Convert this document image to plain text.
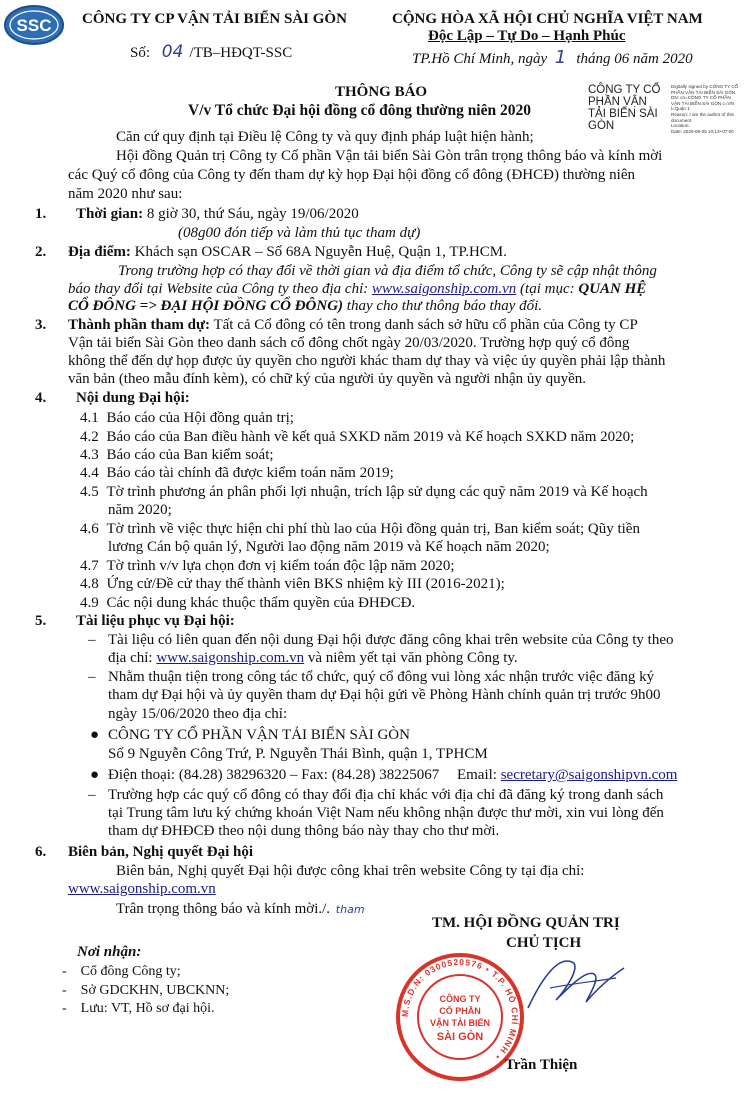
SSC CÔNG TY CP VẬN TẢI BIỂN SÀI GÒN
Số: 04 /TB–HĐQT-SSC
CỘNG HÒA XÃ HỘI CHỦ NGHĨA VIỆT NAM
Độc Lập – Tự Do – Hạnh Phúc
TP.Hồ Chí Minh, ngày 1 tháng 06 năm 2020
THÔNG BÁO
V/v Tổ chức Đại hội đồng cổ đông thường niên 2020
CÔNG TY CỔ
PHẦN VẬN
TẢI BIỂN SÀI
GÒN
Digitally signed by CÔNG TY CỔ
PHẦN VẬN TẢI BIỂN SÀI GÒN
DN: cn=CÔNG TY CỔ PHẦN
VẬN TẢI BIỂN SÀI GÒN c=VN
l=Quận 1
Reason: I am the author of this
document
Location:
Date: 2020-06-05 10:13+07:00
Căn cứ quy định tại Điều lệ Công ty và quy định pháp luật hiện hành;
Hội đồng Quản trị Công ty Cổ phần Vận tải biển Sài Gòn trân trọng thông báo và kính mời
các Quý cổ đông của Công ty đến tham dự kỳ họp Đại hội đồng cổ đông (ĐHCĐ) thường niên
năm 2020 như sau:
1. Thời gian: 8 giờ 30, thứ Sáu, ngày 19/06/2020
(08g00 đón tiếp và làm thủ tục tham dự)
2. Địa điểm: Khách sạn OSCAR – Số 68A Nguyễn Huệ, Quận 1, TP.HCM.
Trong trường hợp có thay đổi về thời gian và địa điểm tổ chức, Công ty sẽ cập nhật thông
báo thay đổi tại Website của Công ty theo địa chỉ: www.saigonship.com.vn (tại mục: QUAN HỆ
CỔ ĐÔNG => ĐẠI HỘI ĐỒNG CỔ ĐÔNG) thay cho thư thông báo thay đổi.
3. Thành phần tham dự: Tất cả Cổ đông có tên trong danh sách sở hữu cổ phần của Công ty CP
Vận tải biển Sài Gòn theo danh sách cổ đông chốt ngày 20/03/2020. Trường hợp quý cổ đông
không thể đến dự họp được ủy quyền cho người khác tham dự thay và việc ủy quyền phải lập thành
văn bản (theo mẫu đính kèm), có chữ ký của người ủy quyền và người nhận ủy quyền.
4. Nội dung Đại hội:
4.1 Báo cáo của Hội đồng quản trị;
4.2 Báo cáo của Ban điều hành về kết quả SXKD năm 2019 và Kế hoạch SXKD năm 2020;
4.3 Báo cáo của Ban kiểm soát;
4.4 Báo cáo tài chính đã được kiểm toán năm 2019;
4.5 Tờ trình phương án phân phối lợi nhuận, trích lập sử dụng các quỹ năm 2019 và Kế hoạch
năm 2020;
4.6 Tờ trình về việc thực hiện chi phí thù lao của Hội đồng quản trị, Ban kiểm soát; Qũy tiền
lương Cán bộ quản lý, Người lao động năm 2019 và Kế hoạch năm 2020;
4.7 Tờ trình v/v lựa chọn đơn vị kiểm toán độc lập năm 2020;
4.8 Ứng cử/Đề cử thay thế thành viên BKS nhiệm kỳ III (2016-2021);
4.9 Các nội dung khác thuộc thẩm quyền của ĐHĐCĐ.
5. Tài liệu phục vụ Đại hội:
– Tài liệu có liên quan đến nội dung Đại hội được đăng công khai trên website của Công ty theo
địa chỉ: www.saigonship.com.vn và niêm yết tại văn phòng Công ty.
– Nhằm thuận tiện trong công tác tổ chức, quý cổ đông vui lòng xác nhận trước việc đăng ký
tham dự Đại hội và ủy quyền tham dự Đại hội gửi về Phòng Hành chính quản trị trước 9h00
ngày 15/06/2020 theo địa chỉ:
● CÔNG TY CỔ PHẦN VẬN TẢI BIỂN SÀI GÒN
Số 9 Nguyễn Công Trứ, P. Nguyễn Thái Bình, quận 1, TPHCM
● Điện thoại: (84.28) 38296320 – Fax: (84.28) 38225067 Email: secretary@saigonshipvn.com
– Trường hợp các quý cổ đông có thay đổi địa chỉ khác với địa chỉ đã đăng ký trong danh sách
tại Trung tâm lưu ký chứng khoán Việt Nam nếu không nhận được thư mời, xin vui lòng đến
tham dự ĐHĐCĐ theo nội dung thông báo này thay cho thư mời.
6. Biên bản, Nghị quyết Đại hội
Biên bản, Nghị quyết Đại hội được công khai trên website Công ty tại địa chỉ:
www.saigonship.com.vn
Trân trọng thông báo và kính mời./. tham
TM. HỘI ĐỒNG QUẢN TRỊ
CHỦ TỊCH
M.S.D.N: 0300520576 • T.P. HỒ CHÍ MINH •
CÔNG TY
CỔ PHẦN
VẬN TẢI BIỂN
SÀI GÒN
Trần Thiện
Nơi nhận:
- Cổ đông Công ty;
- Sở GDCKHN, UBCKNN;
- Lưu: VT, Hồ sơ đại hội.
